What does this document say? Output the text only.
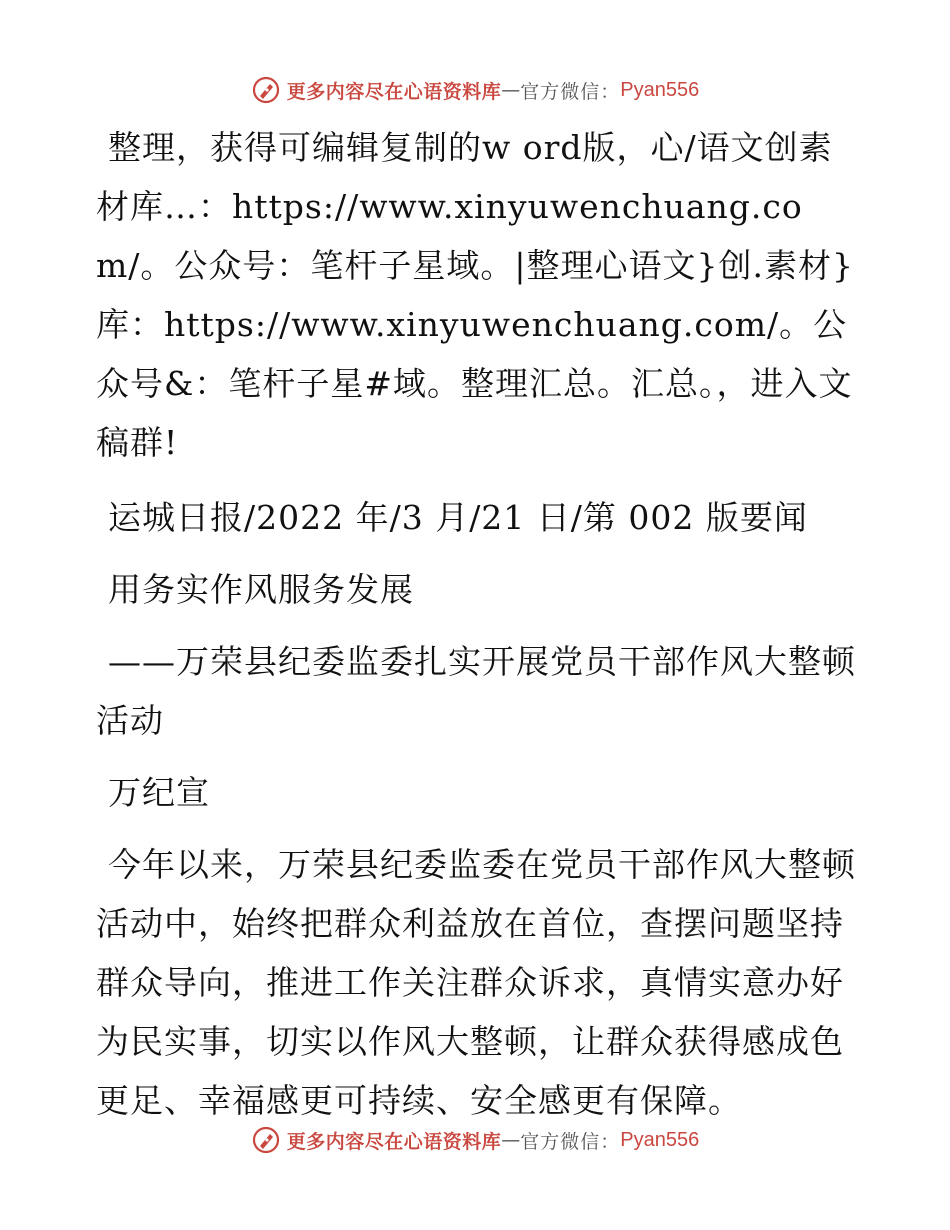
更多内容尽在心语资料库 — 官方微信： Pyan556

整理，获得可编辑复制的w ord版，心/语文创素材库…：https://www.xinyuwenchuang.com/。公众号：笔杆子星域。|整理心语文}创.素材}库：https://www.xinyuwenchuang.com/。公众号&：笔杆子星#域。整理汇总。汇总。，进入文稿群!

运城日报/2022 年/3 月/21 日/第 002 版要闻

用务实作风服务发展

——万荣县纪委监委扎实开展党员干部作风大整顿活动

万纪宣

今年以来，万荣县纪委监委在党员干部作风大整顿活动中，始终把群众利益放在首位，查摆问题坚持群众导向，推进工作关注群众诉求，真情实意办好为民实事，切实以作风大整顿，让群众获得感成色更足、幸福感更可持续、安全感更有保障。

更多内容尽在心语资料库 — 官方微信： Pyan556
